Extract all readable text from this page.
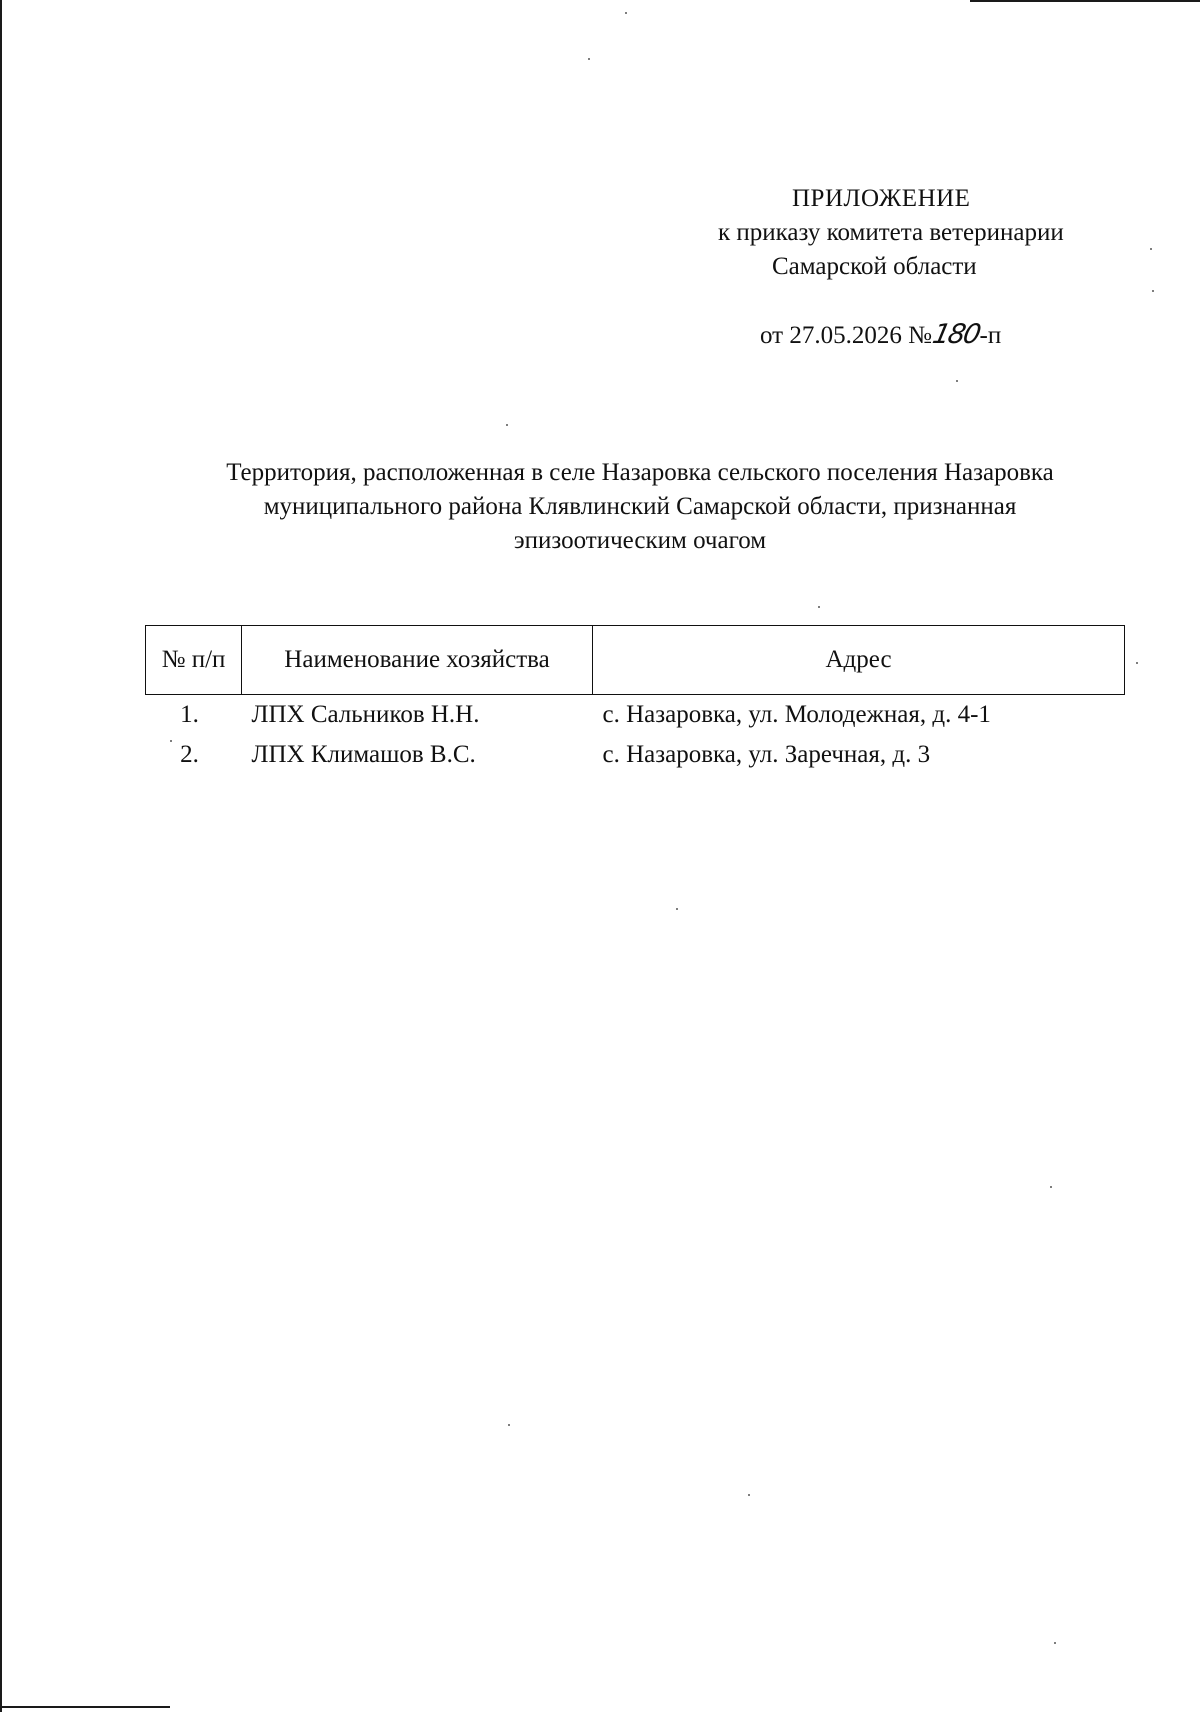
ПРИЛОЖЕНИЕ
к приказу комитета ветеринарии
Самарской области
от 27.05.2026 №180-п
Территория, расположенная в селе Назаровка сельского поселения Назаровка
муниципального района Клявлинский Самарской области, признанная
эпизоотическим очагом
№ п/п	Наименование хозяйства	Адрес
1.	ЛПХ Сальников Н.Н.	с. Назаровка, ул. Молодежная, д. 4-1
2.	ЛПХ Климашов В.С.	с. Назаровка, ул. Заречная, д. 3
